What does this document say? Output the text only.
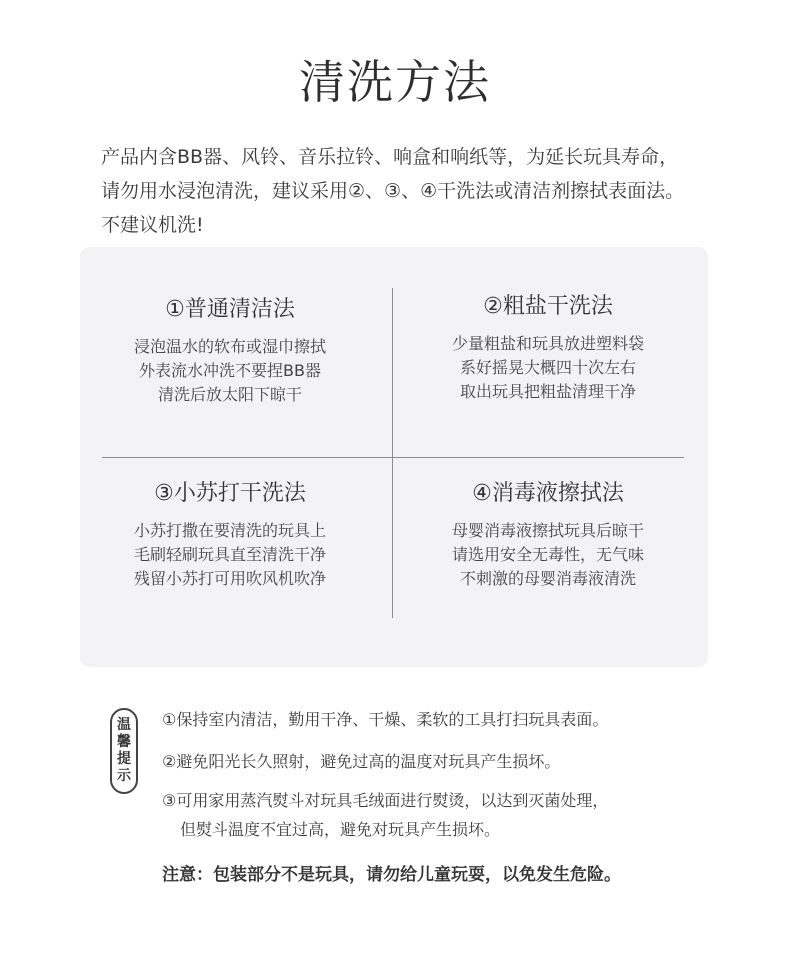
清洗方法
产品内含BB器、风铃、音乐拉铃、响盒和响纸等，为延长玩具寿命，
请勿用水浸泡清洗，建议采用②、③、④干洗法或清洁剂擦拭表面法。
不建议机洗!
①普通清洁法
浸泡温水的软布或湿巾擦拭
外表流水冲洗不要捏BB器
清洗后放太阳下晾干
②粗盐干洗法
少量粗盐和玩具放进塑料袋
系好摇晃大概四十次左右
取出玩具把粗盐清理干净
③小苏打干洗法
小苏打撒在要清洗的玩具上
毛刷轻刷玩具直至清洗干净
残留小苏打可用吹风机吹净
④消毒液擦拭法
母婴消毒液擦拭玩具后晾干
请选用安全无毒性，无气味
不刺激的母婴消毒液清洗
温
馨
提
示
①保持室内清洁，勤用干净、干燥、柔软的工具打扫玩具表面。
②避免阳光长久照射，避免过高的温度对玩具产生损坏。
③可用家用蒸汽熨斗对玩具毛绒面进行熨烫，以达到灭菌处理，
但熨斗温度不宜过高，避免对玩具产生损坏。
注意：包装部分不是玩具，请勿给儿童玩耍，以免发生危险。
